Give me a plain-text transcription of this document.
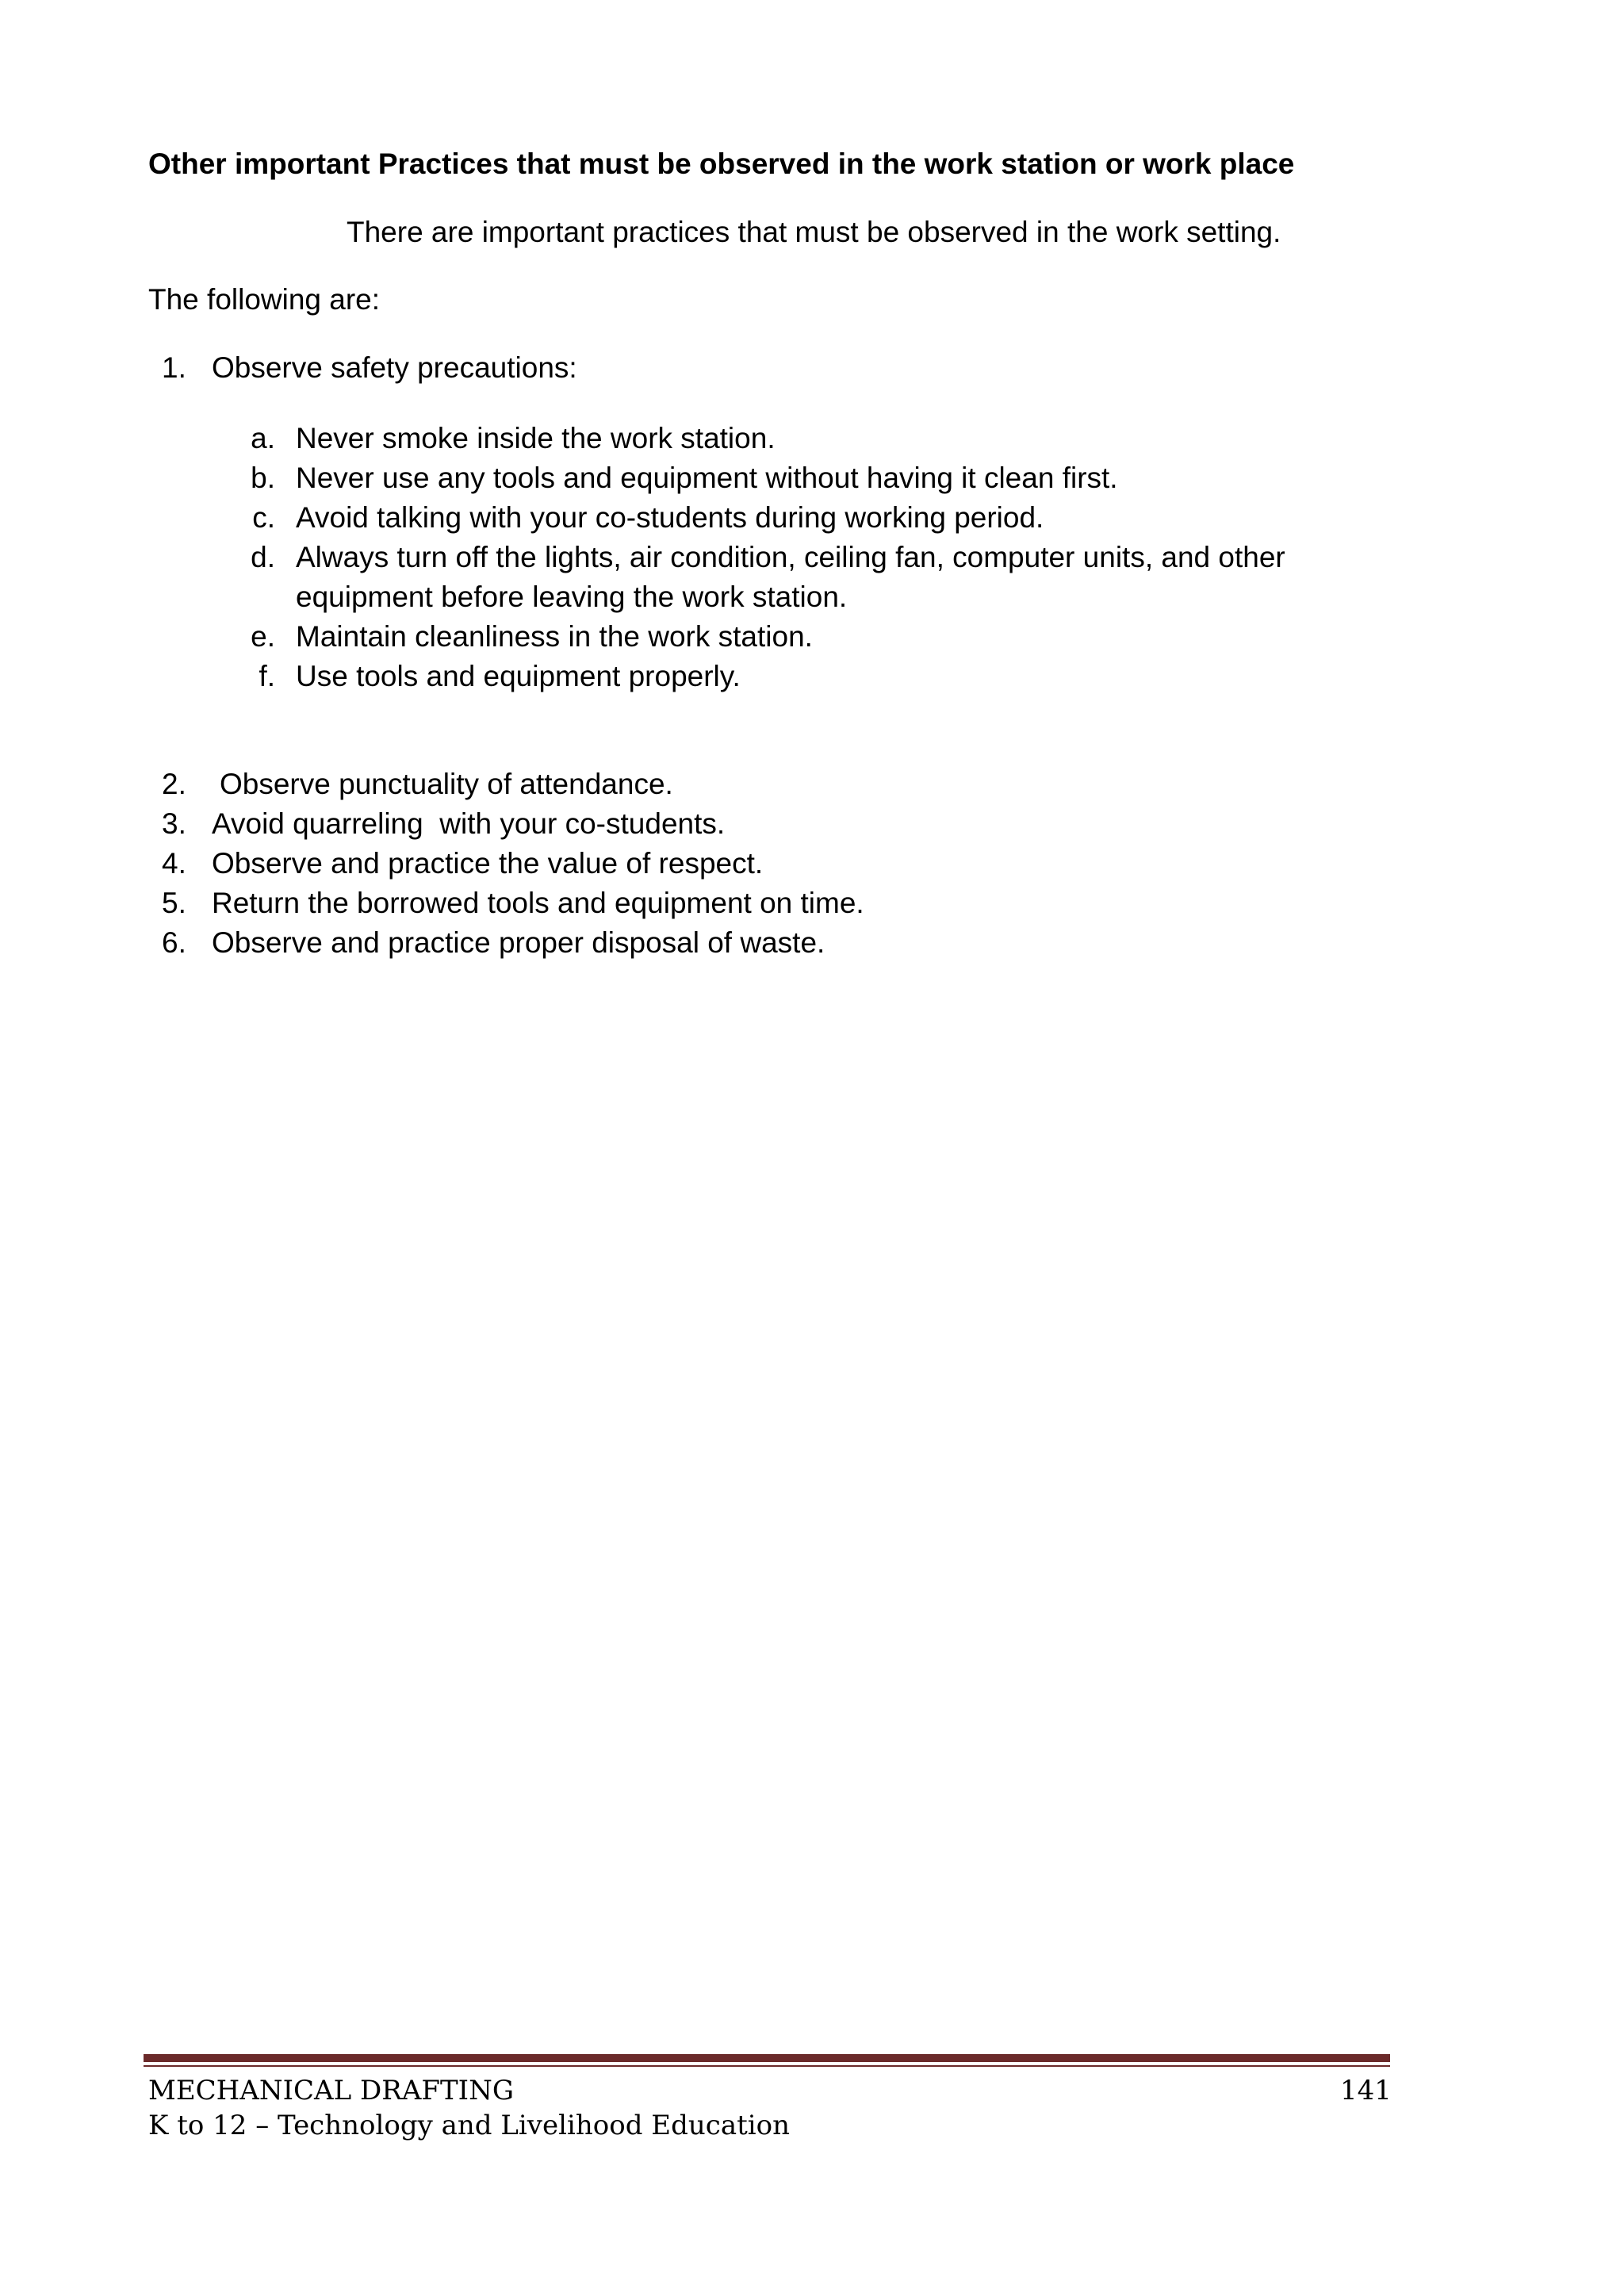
Other important Practices that must be observed in the work station or work place
There are important practices that must be observed in the work setting.
The following are:
1. Observe safety precautions:
a. Never smoke inside the work station.
b. Never use any tools and equipment without having it clean first.
c. Avoid talking with your co-students during working period.
d. Always turn off the lights, air condition, ceiling fan, computer units, and other
equipment before leaving the work station.
e. Maintain cleanliness in the work station.
f. Use tools and equipment properly.
2. Observe punctuality of attendance.
3. Avoid quarreling  with your co-students.
4. Observe and practice the value of respect.
5. Return the borrowed tools and equipment on time.
6. Observe and practice proper disposal of waste.
MECHANICAL DRAFTING	141
K to 12 – Technology and Livelihood Education
